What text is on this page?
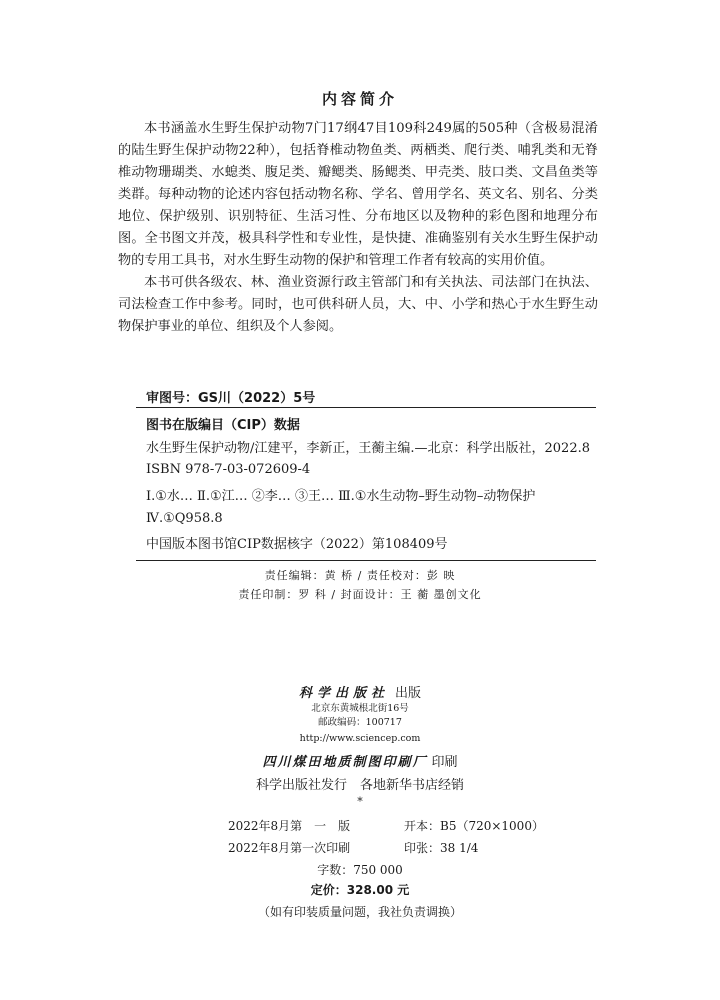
内容简介
本书涵盖水生野生保护动物7门17纲47目109科249属的505种（含极易混淆的陆生野生保护动物22种），包括脊椎动物鱼类、两栖类、爬行类、哺乳类和无脊椎动物珊瑚类、水螅类、腹足类、瓣鳃类、肠鳃类、甲壳类、肢口类、文昌鱼类等类群。每种动物的论述内容包括动物名称、学名、曾用学名、英文名、别名、分类地位、保护级别、识别特征、生活习性、分布地区以及物种的彩色图和地理分布图。全书图文并茂，极具科学性和专业性，是快捷、准确鉴别有关水生野生保护动物的专用工具书，对水生野生动物的保护和管理工作者有较高的实用价值。
本书可供各级农、林、渔业资源行政主管部门和有关执法、司法部门在执法、司法检查工作中参考。同时，也可供科研人员，大、中、小学和热心于水生野生动物保护事业的单位、组织及个人参阅。
审图号：GS川（2022）5号
图书在版编目（CIP）数据
水生野生保护动物/江建平，李新正，王蘅主编.—北京：科学出版社，2022.8
ISBN 978-7-03-072609-4
Ⅰ.①水… Ⅱ.①江… ②李… ③王… Ⅲ.①水生动物–野生动物–动物保护 Ⅳ.①Q958.8
中国版本图书馆CIP数据核字（2022）第108409号
责任编辑：黄 桥 / 责任校对：彭 映
责任印制：罗 科 / 封面设计：王 蘅 墨创文化
科学出版社 出版
北京东黄城根北街16号
邮政编码：100717
http://www.sciencep.com
四川煤田地质制图印刷厂 印刷
科学出版社发行　各地新华书店经销
*
2022年8月第　一　版	开本：B5（720×1000）
2022年8月第一次印刷	印张：38 1/4
字数：750 000
定价：328.00 元
（如有印装质量问题，我社负责调换）
